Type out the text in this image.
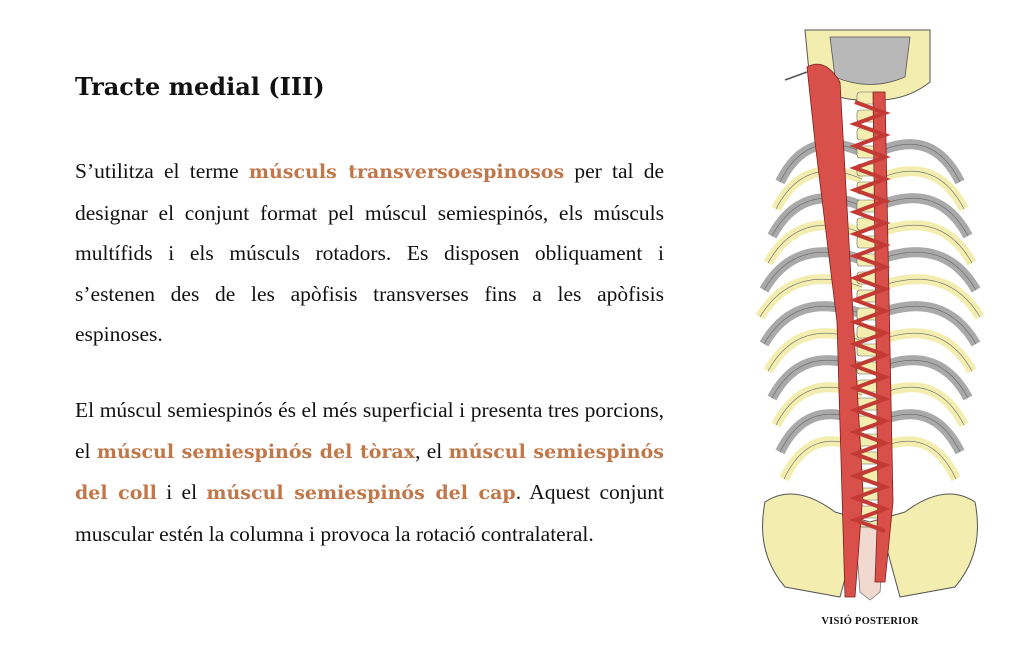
Tracte medial (III)
S’utilitza el terme músculs transversoespinosos per tal de designar el conjunt format pel múscul semiespinós, els músculs multífids i els músculs rotadors. Es disposen obliquament i s’estenen des de les apòfisis transverses fins a les apòfisis espinoses.
El múscul semiespinós és el més superficial i presenta tres porcions, el múscul semiespinós del tòrax, el múscul semiespinós del coll i el múscul semiespinós del cap. Aquest conjunt muscular estén la columna i provoca la rotació contralateral.
VISIÓ POSTERIOR
